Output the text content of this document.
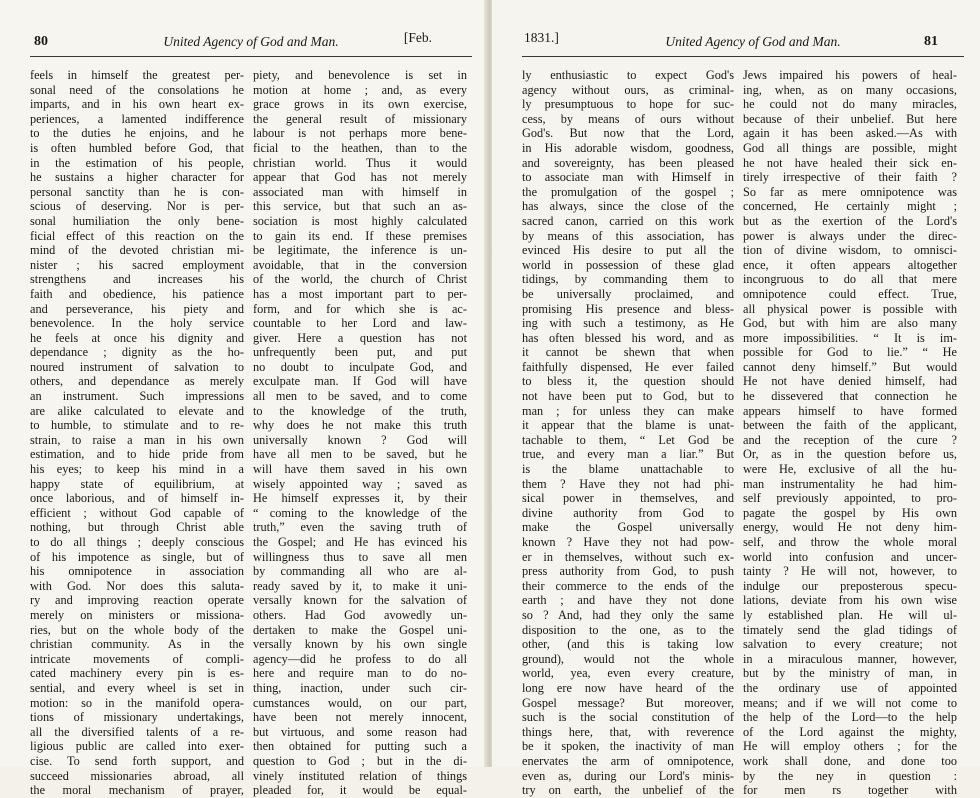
80	United Agency of God and Man.	[Feb.
feels in himself the greatest per-
sonal need of the consolations he
imparts, and in his own heart ex-
periences, a lamented indifference
to the duties he enjoins, and he
is often humbled before God, that
in the estimation of his people,
he sustains a higher character for
personal sanctity than he is con-
scious of deserving. Nor is per-
sonal humiliation the only bene-
ficial effect of this reaction on the
mind of the devoted christian mi-
nister ; his sacred employment
strengthens and increases his
faith and obedience, his patience
and perseverance, his piety and
benevolence. In the holy service
he feels at once his dignity and
dependance ; dignity as the ho-
noured instrument of salvation to
others, and dependance as merely
an instrument. Such impressions
are alike calculated to elevate and
to humble, to stimulate and to re-
strain, to raise a man in his own
estimation, and to hide pride from
his eyes; to keep his mind in a
happy state of equilibrium, at
once laborious, and of himself in-
efficient ; without God capable of
nothing, but through Christ able
to do all things ; deeply conscious
of his impotence as single, but of
his omnipotence in association
with God. Nor does this saluta-
ry and improving reaction operate
merely on ministers or missiona-
ries, but on the whole body of the
christian community. As in the
intricate movements of compli-
cated machinery every pin is es-
sential, and every wheel is set in
motion: so in the manifold opera-
tions of missionary undertakings,
all the diversified talents of a re-
ligious public are called into exer-
cise. To send forth support, and
succeed missionaries abroad, all
the moral mechanism of prayer,
piety, and benevolence is set in
motion at home ; and, as every
grace grows in its own exercise,
the general result of missionary
labour is not perhaps more bene-
ficial to the heathen, than to the
christian world. Thus it would
appear that God has not merely
associated man with himself in
this service, but that such an as-
sociation is most highly calculated
to gain its end. If these premises
be legitimate, the inference is un-
avoidable, that in the conversion
of the world, the church of Christ
has a most important part to per-
form, and for which she is ac-
countable to her Lord and law-
giver. Here a question has not
unfrequently been put, and put
no doubt to inculpate God, and
exculpate man. If God will have
all men to be saved, and to come
to the knowledge of the truth,
why does he not make this truth
universally known ? God will
have all men to be saved, but he
will have them saved in his own
wisely appointed way ; saved as
He himself expresses it, by their
“ coming to the knowledge of the
truth,” even the saving truth of
the Gospel; and He has evinced his
willingness thus to save all men
by commanding all who are al-
ready saved by it, to make it uni-
versally known for the salvation of
others. Had God avowedly un-
dertaken to make the Gospel uni-
versally known by his own single
agency—did he profess to do all
here and require man to do no-
thing, inaction, under such cir-
cumstances would, on our part,
have been not merely innocent,
but virtuous, and some reason had
then obtained for putting such a
question to God ; but in the di-
vinely instituted relation of things
pleaded for, it would be equal-
1831.]	United Agency of God and Man.	81
ly enthusiastic to expect God's
agency without ours, as criminal-
ly presumptuous to hope for suc-
cess, by means of ours without
God's. But now that the Lord,
in His adorable wisdom, goodness,
and sovereignty, has been pleased
to associate man with Himself in
the promulgation of the gospel ;
has always, since the close of the
sacred canon, carried on this work
by means of this association, has
evinced His desire to put all the
world in possession of these glad
tidings, by commanding them to
be universally proclaimed, and
promising His presence and bless-
ing with such a testimony, as He
has often blessed his word, and as
it cannot be shewn that when
faithfully dispensed, He ever failed
to bless it, the question should
not have been put to God, but to
man ; for unless they can make
it appear that the blame is unat-
tachable to them, “ Let God be
true, and every man a liar.” But
is the blame unattachable to
them ? Have they not had phi-
sical power in themselves, and
divine authority from God to
make the Gospel universally
known ? Have they not had pow-
er in themselves, without such ex-
press authority from God, to push
their commerce to the ends of the
earth ; and have they not done
so ? And, had they only the same
disposition to the one, as to the
other, (and this is taking low
ground), would not the whole
world, yea, even every creature,
long ere now have heard of the
Gospel message? But moreover,
such is the social constitution of
things here, that, with reverence
be it spoken, the inactivity of man
enervates the arm of omnipotence,
even as, during our Lord's minis-
try on earth, the unbelief of the
Jews impaired his powers of heal-
ing, when, as on many occasions,
he could not do many miracles,
because of their unbelief. But here
again it has been asked.—As with
God all things are possible, might
he not have healed their sick en-
tirely irrespective of their faith ?
So far as mere omnipotence was
concerned, He certainly might ;
but as the exertion of the Lord's
power is always under the direc-
tion of divine wisdom, to omnisci-
ence, it often appears altogether
incongruous to do all that mere
omnipotence could effect. True,
all physical power is possible with
God, but with him are also many
more impossibilities. “ It is im-
possible for God to lie.” “ He
cannot deny himself.” But would
He not have denied himself, had
he dissevered that connection he
appears himself to have formed
between the faith of the applicant,
and the reception of the cure ?
Or, as in the question before us,
were He, exclusive of all the hu-
man instrumentality he had him-
self previously appointed, to pro-
pagate the gospel by His own
energy, would He not deny him-
self, and throw the whole moral
world into confusion and uncer-
tainty ? He will not, however, to
indulge our preposterous specu-
lations, deviate from his own wise
ly established plan. He will ul-
timately send the glad tidings of
salvation to every creature; not
in a miraculous manner, however,
but by the ministry of man, in
the ordinary use of appointed
means; and if we will not come to
the help of the Lord—to the help
of the Lord against the mighty,
He will employ others ; for the
work shall done, and done too
by the ney in question :
for men rs together with
